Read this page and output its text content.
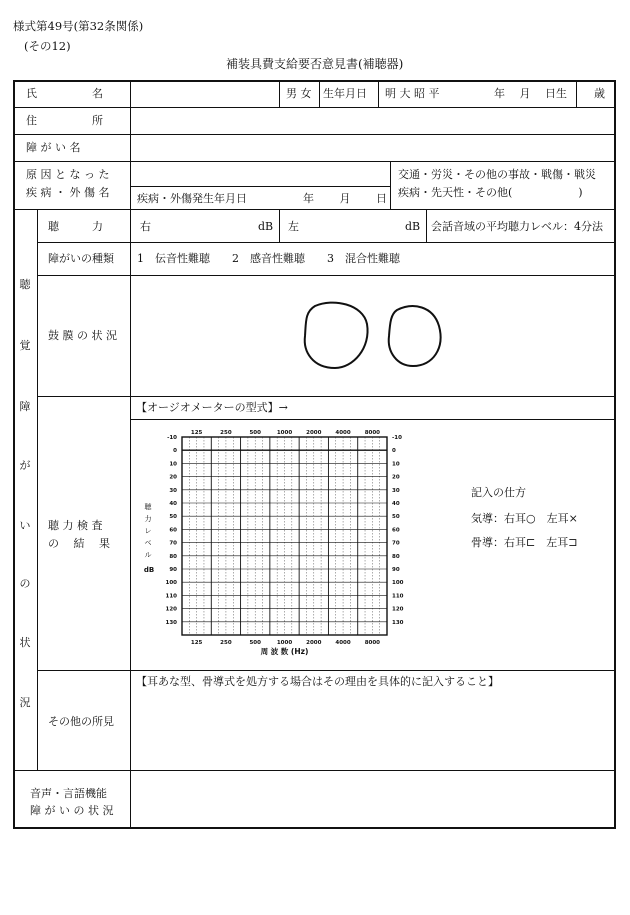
様式第49号(第32条関係)
(その12)
補装具費支給要否意見書(補聴器)
氏　　　　　名	男 女 生年月日 明 大 昭 平	年　 月　 日生 歳
住　　　　　所
障 が い 名
原 因 と な っ た
疾 病 ・ 外 傷 名
交通・労災・その他の事故・戦傷・戦災
疾病・先天性・その他(　　　　　　)
疾病・外傷発生年月日	年　　 月　　 日
聴
覚
障
が
い
の
状
況
聴　　　力	右	dB 左	dB 会話音域の平均聴力レベル：4分法
障がいの種類 1　伝音性難聴　　2　感音性難聴　　3　混合性難聴
鼓 膜 の 状 況
【オージオメーターの型式】→
聴 力 検 査
の　 結　 果
125
125
250
250
500
500
1000
1000
2000
2000
4000
4000
8000
8000
-10	-10
0	0
10	10
20	20
30	30
40	40
50	50
60	60
70	70
80	80
90	90
100	100
110	110
120	120
130	130
聴
力
レ
ベ
ル
dB
周 波 数 (Hz)
記入の仕方
気導：右耳○　左耳×
骨導：右耳⊏　左耳⊐
【耳あな型、骨導式を処方する場合はその理由を具体的に記入すること】
その他の所見
音声・言語機能
障 が い の 状 況
